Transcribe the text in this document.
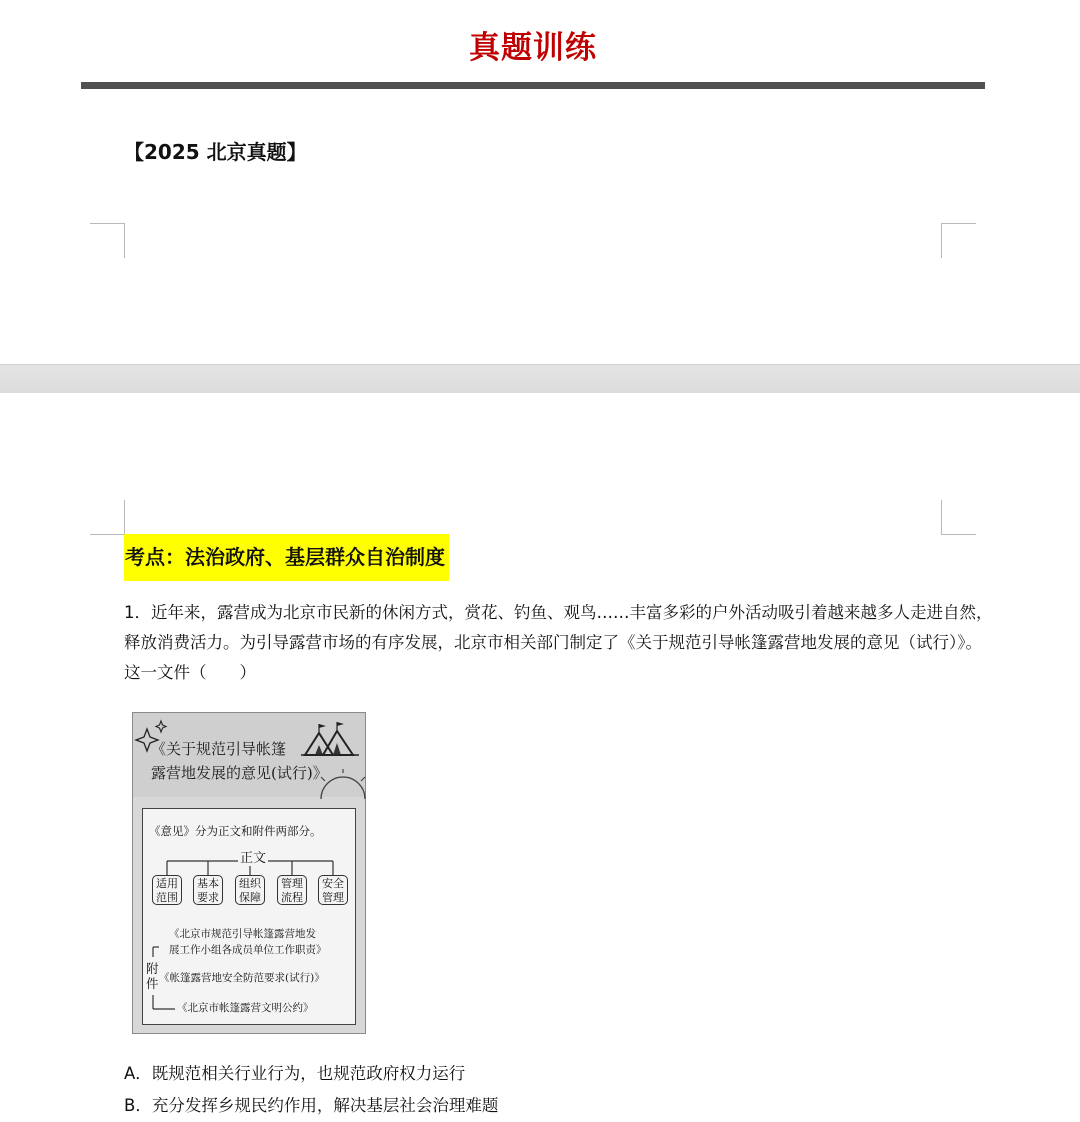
真题训练
【2025 北京真题】
考点：法治政府、基层群众自治制度
1．近年来，露营成为北京市民新的休闲方式，赏花、钓鱼、观鸟……丰富多彩的户外活动吸引着越来越多人走进自然，
释放消费活力。为引导露营市场的有序发展，北京市相关部门制定了《关于规范引导帐篷露营地发展的意见（试行）》。
这一文件（　　）
《关于规范引导帐篷
露营地发展的意见(试行)》
《意见》分为正文和附件两部分。
正文
适用
范围
基本
要求
组织
保障
管理
流程
安全
管理
附件
《北京市规范引导帐篷露营地发
展工作小组各成员单位工作职责》
《帐篷露营地安全防范要求(试行)》
《北京市帐篷露营文明公约》
A．既规范相关行业行为，也规范政府权力运行
B．充分发挥乡规民约作用，解决基层社会治理难题
